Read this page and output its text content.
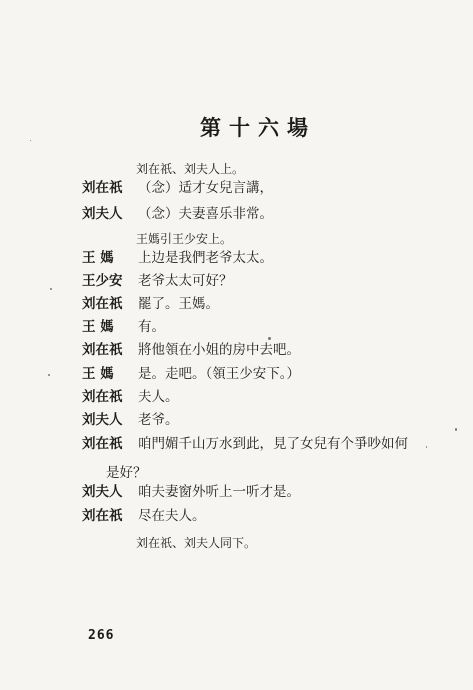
第十六場
刘在祇、刘夫人上。
刘在祇	（念）适才女兒言講，
刘夫人	（念）夫妻喜乐非常。
王媽引王少安上。
王 媽	上边是我們老爷太太。
王少安	老爷太太可好？
刘在祇	罷了。王媽。
王 媽	有。
刘在祇	將他領在小姐的房中去吧。
王 媽	是。走吧。（領王少安下。）
刘在祇	夫人。
刘夫人	老爷。
刘在祇	咱門媚千山万水到此，見了女兒有个爭吵如何
是好？
刘夫人	咱夫妻窗外听上一听才是。
刘在祇	尽在夫人。
刘在祇、刘夫人同下。
266
